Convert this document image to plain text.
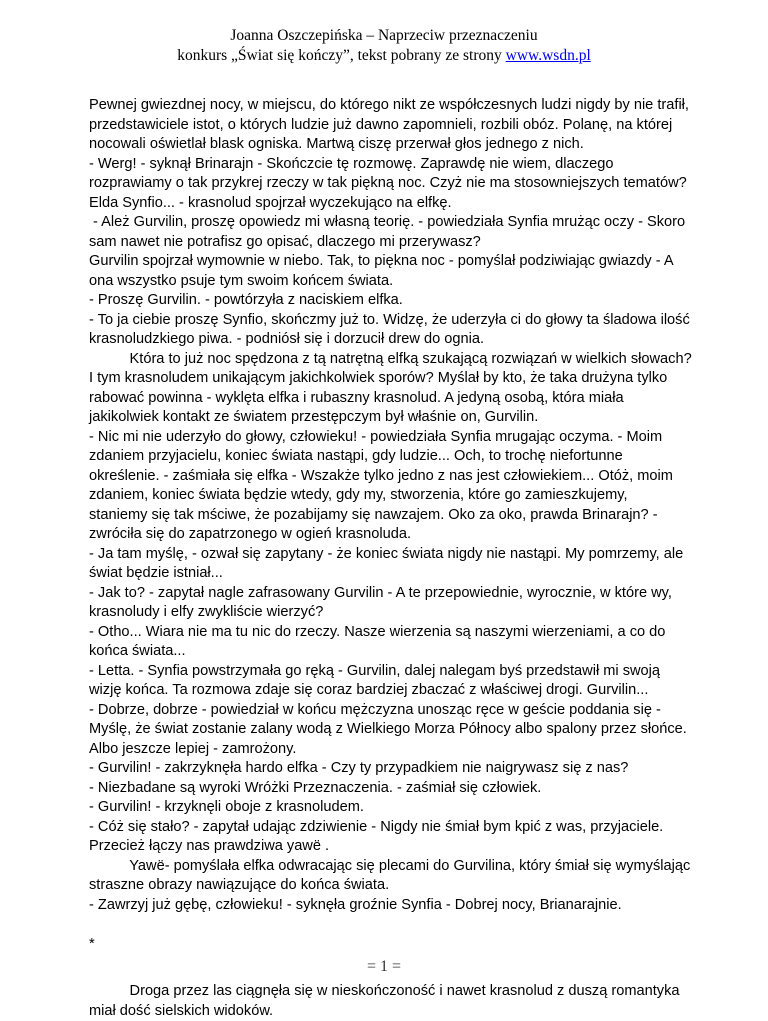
Joanna Oszczepińska – Naprzeciw przeznaczeniu
konkurs „Świat się kończy”, tekst pobrany ze strony www.wsdn.pl

Pewnej gwiezdnej nocy, w miejscu, do którego nikt ze współczesnych ludzi nigdy by nie trafił,

przedstawiciele istot, o których ludzie już dawno zapomnieli, rozbili obóz. Polanę, na której

nocowali oświetlał blask ogniska. Martwą ciszę przerwał głos jednego z nich.

- Werg! - syknął Brinarajn - Skończcie tę rozmowę. Zaprawdę nie wiem, dlaczego

rozprawiamy o tak przykrej rzeczy w tak piękną noc. Czyż nie ma stosowniejszych tematów?

Elda Synfio... - krasnolud spojrzał wyczekująco na elfkę.

- Ależ Gurvilin, proszę opowiedz mi własną teorię. - powiedziała Synfia mrużąc oczy - Skoro

sam nawet nie potrafisz go opisać, dlaczego mi przerywasz?

Gurvilin spojrzał wymownie w niebo. Tak, to piękna noc - pomyślał podziwiając gwiazdy - A

ona wszystko psuje tym swoim końcem świata.

- Proszę Gurvilin. - powtórzyła z naciskiem elfka.

- To ja ciebie proszę Synfio, skończmy już to. Widzę, że uderzyła ci do głowy ta śladowa ilość

krasnoludzkiego piwa. - podniósł się i dorzucił drew do ognia.

Która to już noc spędzona z tą natrętną elfką szukającą rozwiązań w wielkich słowach?

I tym krasnoludem unikającym jakichkolwiek sporów? Myślał by kto, że taka drużyna tylko

rabować powinna - wyklęta elfka i rubaszny krasnolud. A jedyną osobą, która miała

jakikolwiek kontakt ze światem przestępczym był właśnie on, Gurvilin.

- Nic mi nie uderzyło do głowy, człowieku! - powiedziała Synfia mrugając oczyma. - Moim

zdaniem przyjacielu, koniec świata nastąpi, gdy ludzie... Och, to trochę niefortunne

określenie. - zaśmiała się elfka - Wszakże tylko jedno z nas jest człowiekiem... Otóż, moim

zdaniem, koniec świata będzie wtedy, gdy my, stworzenia, które go zamieszkujemy,

staniemy się tak mściwe, że pozabijamy się nawzajem. Oko za oko, prawda Brinarajn? -

zwróciła się do zapatrzonego w ogień krasnoluda.

- Ja tam myślę, - ozwał się zapytany - że koniec świata nigdy nie nastąpi. My pomrzemy, ale

świat będzie istniał...

- Jak to? - zapytał nagle zafrasowany Gurvilin - A te przepowiednie, wyrocznie, w które wy,

krasnoludy i elfy zwykliście wierzyć?

- Otho... Wiara nie ma tu nic do rzeczy. Nasze wierzenia są naszymi wierzeniami, a co do

końca świata...

- Letta. - Synfia powstrzymała go ręką - Gurvilin, dalej nalegam byś przedstawił mi swoją

wizję końca. Ta rozmowa zdaje się coraz bardziej zbaczać z właściwej drogi. Gurvilin...

- Dobrze, dobrze - powiedział w końcu mężczyzna unosząc ręce w geście poddania się -

Myślę, że świat zostanie zalany wodą z Wielkiego Morza Północy albo spalony przez słońce.

Albo jeszcze lepiej - zamrożony.

- Gurvilin! - zakrzyknęła hardo elfka - Czy ty przypadkiem nie naigrywasz się z nas?

- Niezbadane są wyroki Wróżki Przeznaczenia. - zaśmiał się człowiek.

- Gurvilin! - krzyknęli oboje z krasnoludem.

- Cóż się stało? - zapytał udając zdziwienie - Nigdy nie śmiał bym kpić z was, przyjaciele.

Przecież łączy nas prawdziwa yawë .

Yawë- pomyślała elfka odwracając się plecami do Gurvilina, który śmiał się wymyślając

straszne obrazy nawiązujące do końca świata.

- Zawrzyj już gębę, człowieku! - syknęła groźnie Synfia - Dobrej nocy, Brianarajnie.

*

Droga przez las ciągnęła się w nieskończoność i nawet krasnolud z duszą romantyka

miał dość sielskich widoków.

= 1 =
